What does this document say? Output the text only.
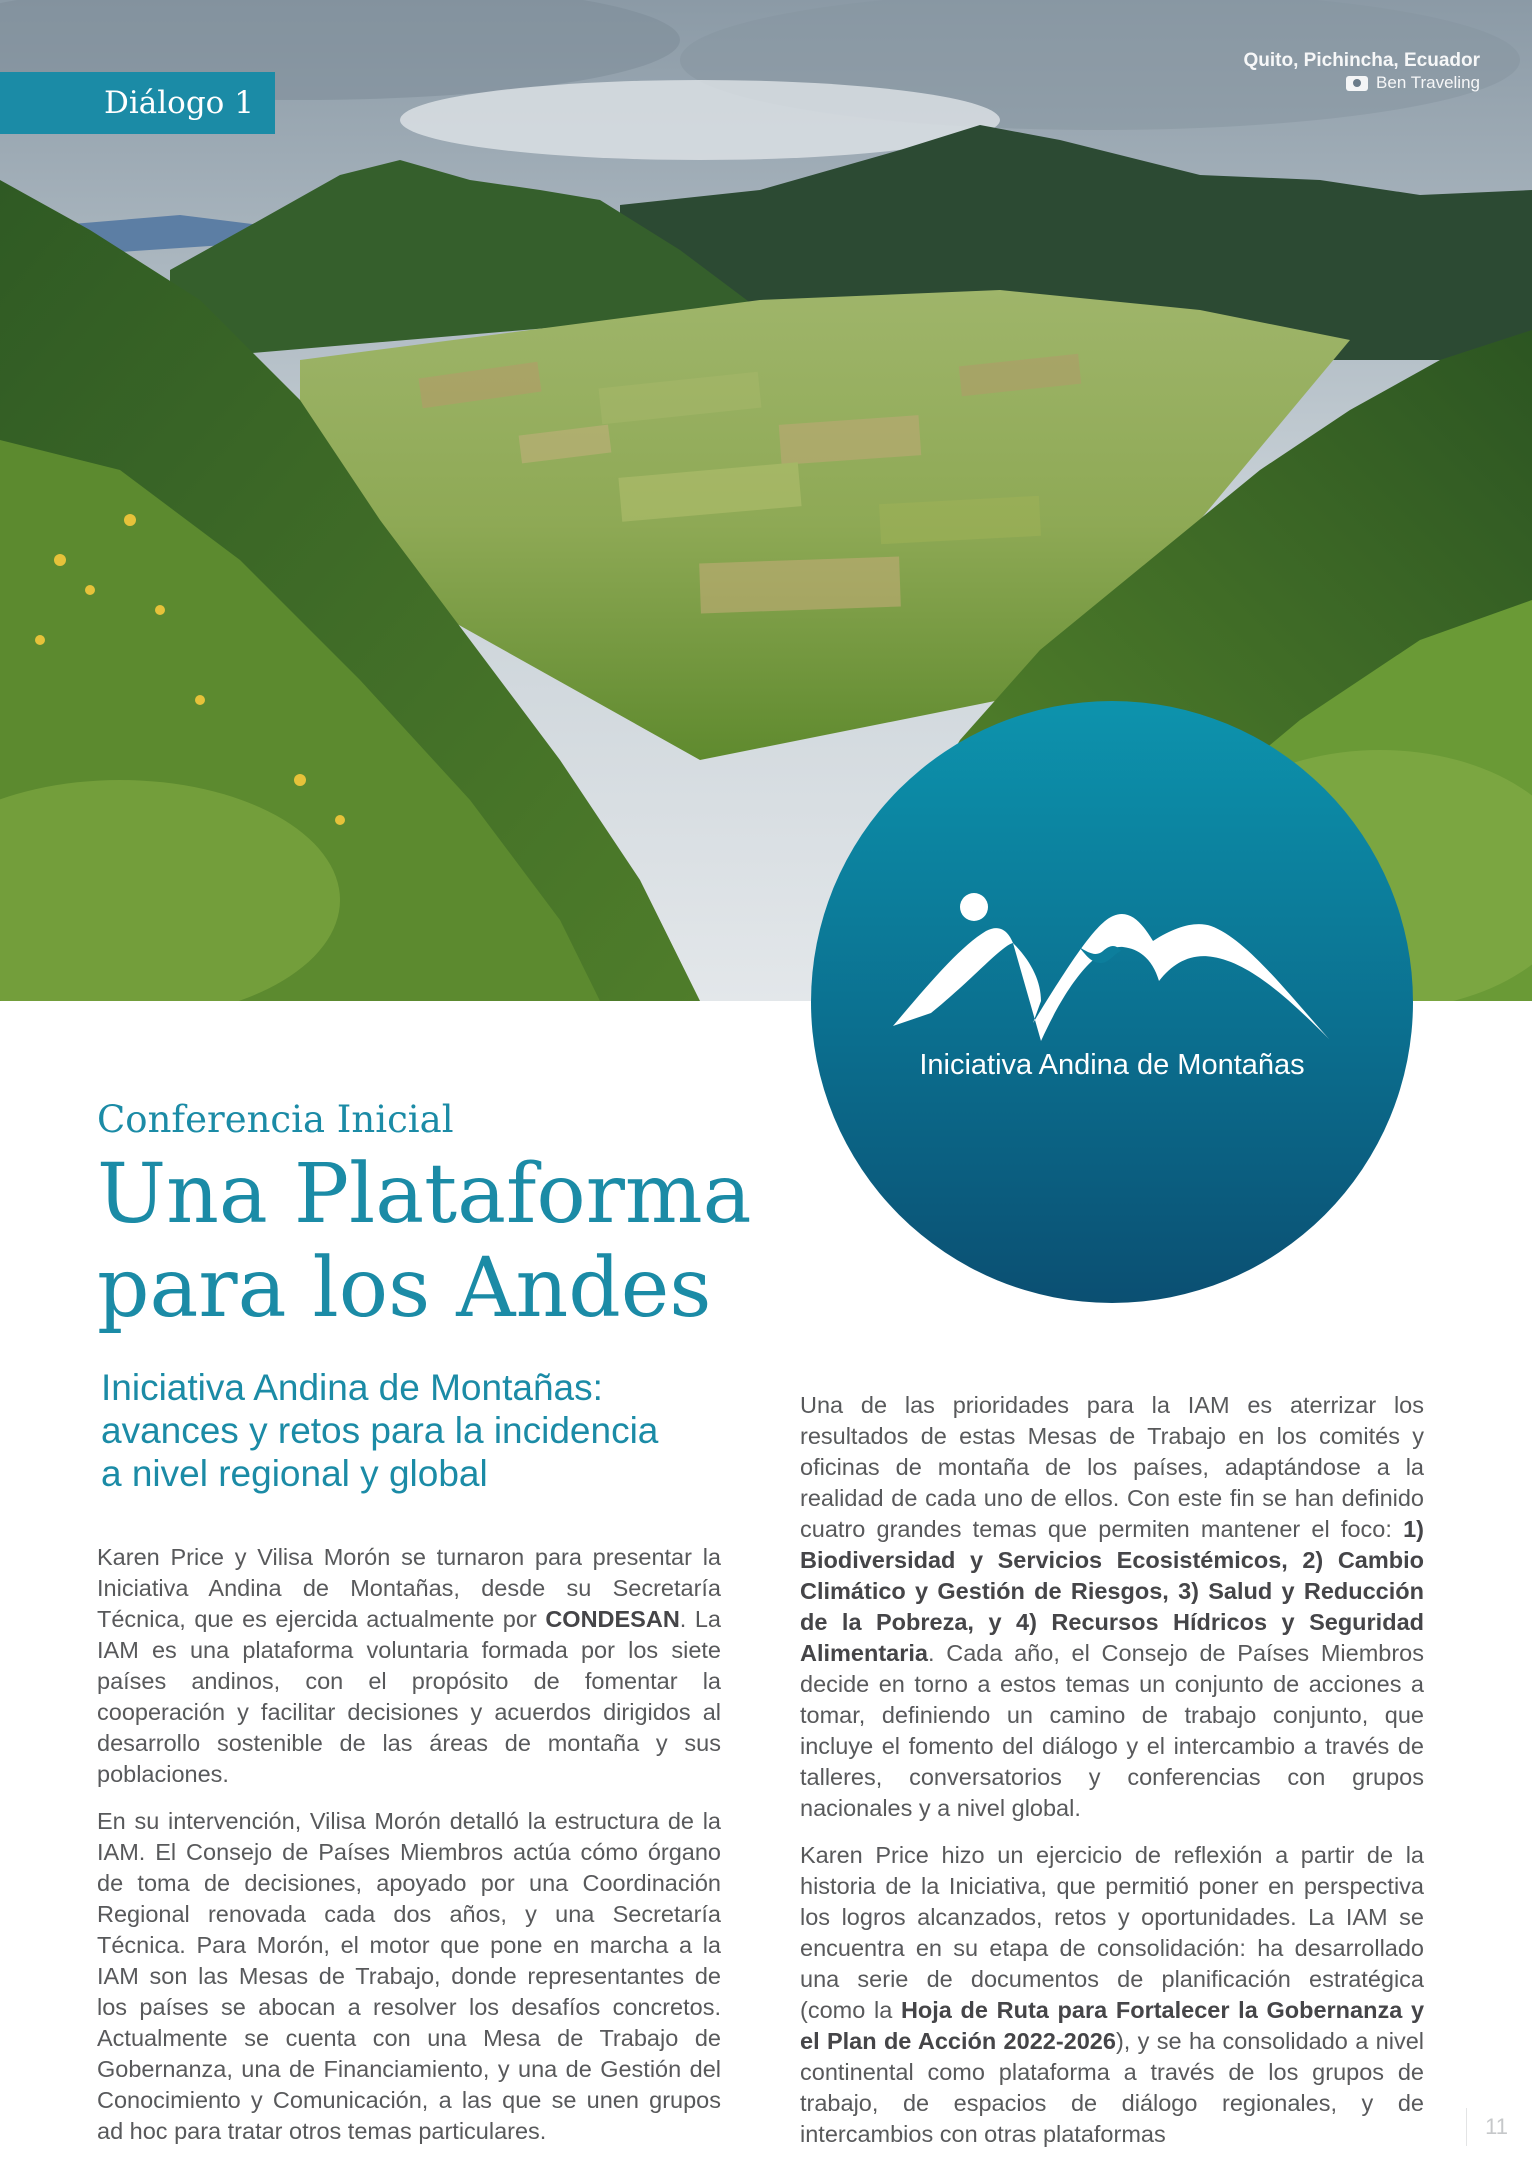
Diálogo 1
Quito, Pichincha, Ecuador
Ben Traveling
Iniciativa Andina de Montañas
Conferencia Inicial
Una Plataforma
para los Andes
Iniciativa Andina de Montañas:
avances y retos para la incidencia
a nivel regional y global

Karen Price y Vilisa Morón se turnaron para presentar la Iniciativa Andina de Montañas, desde su Secretaría Técnica, que es ejercida actualmente por CONDESAN. La IAM es una plataforma voluntaria formada por los siete países andinos, con el propósito de fomentar la cooperación y facilitar decisiones y acuerdos dirigidos al desarrollo sostenible de las áreas de montaña y sus poblaciones.

En su intervención, Vilisa Morón detalló la estructura de la IAM. El Consejo de Países Miembros actúa cómo órgano de toma de decisiones, apoyado por una Coordinación Regional renovada cada dos años, y una Secretaría Técnica. Para Morón, el motor que pone en marcha a la IAM son las Mesas de Trabajo, donde representantes de los países se abocan a resolver los desafíos concretos. Actualmente se cuenta con una Mesa de Trabajo de Gobernanza, una de Financiamiento, y una de Gestión del Conocimiento y Comunicación, a las que se unen grupos ad hoc para tratar otros temas particulares.

Una de las prioridades para la IAM es aterrizar los resultados de estas Mesas de Trabajo en los comités y oficinas de montaña de los países, adaptándose a la realidad de cada uno de ellos. Con este fin se han definido cuatro grandes temas que permiten mantener el foco: 1) Biodiversidad y Servicios Ecosistémicos, 2) Cambio Climático y Gestión de Riesgos, 3) Salud y Reducción de la Pobreza, y 4) Recursos Hídricos y Seguridad Alimentaria. Cada año, el Consejo de Países Miembros decide en torno a estos temas un conjunto de acciones a tomar, definiendo un camino de trabajo conjunto, que incluye el fomento del diálogo y el intercambio a través de talleres, conversatorios y conferencias con grupos nacionales y a nivel global.

Karen Price hizo un ejercicio de reflexión a partir de la historia de la Iniciativa, que permitió poner en perspectiva los logros alcanzados, retos y oportunidades. La IAM se encuentra en su etapa de consolidación: ha desarrollado una serie de documentos de planificación estratégica (como la Hoja de Ruta para Fortalecer la Gobernanza y el Plan de Acción 2022-2026), y se ha consolidado a nivel continental como plataforma a través de los grupos de trabajo, de espacios de diálogo regionales, y de intercambios con otras plataformas	11
